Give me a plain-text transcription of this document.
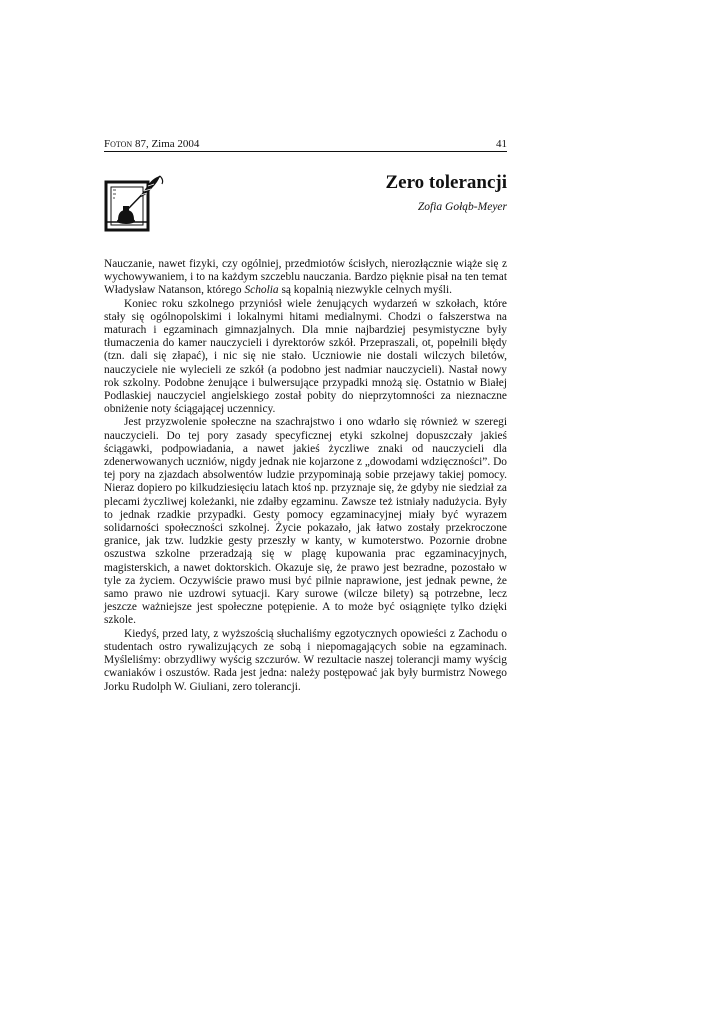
Foton 87, Zima 2004	41
Zero tolerancji
Zofia Gołąb-Meyer

Nauczanie, nawet fizyki, czy ogólniej, przedmiotów ścisłych, nierozłącznie wiąże się z wychowywaniem, i to na każdym szczeblu nauczania. Bardzo pięknie pisał na ten temat Władysław Natanson, którego Scholia są kopalnią niezwykle celnych myśli.

Koniec roku szkolnego przyniósł wiele żenujących wydarzeń w szkołach, które stały się ogólnopolskimi i lokalnymi hitami medialnymi. Chodzi o fałszerstwa na maturach i egzaminach gimnazjalnych. Dla mnie najbardziej pesymistyczne były tłumaczenia do kamer nauczycieli i dyrektorów szkół. Przepraszali, ot, popełnili błędy (tzn. dali się złapać), i nic się nie stało. Uczniowie nie dostali wilczych biletów, nauczyciele nie wylecieli ze szkół (a podobno jest nadmiar nauczycieli). Nastał nowy rok szkolny. Podobne żenujące i bulwersujące przypadki mnożą się. Ostatnio w Białej Podlaskiej nauczyciel angielskiego został pobity do nieprzytomności za nieznaczne obniżenie noty ściągającej uczennicy.

Jest przyzwolenie społeczne na szachrajstwo i ono wdarło się również w szeregi nauczycieli. Do tej pory zasady specyficznej etyki szkolnej dopuszczały jakieś ściągawki, podpowiadania, a nawet jakieś życzliwe znaki od nauczycieli dla zdenerwowanych uczniów, nigdy jednak nie kojarzone z „dowodami wdzięczności”. Do tej pory na zjazdach absolwentów ludzie przypominają sobie przejawy takiej pomocy. Nieraz dopiero po kilkudziesięciu latach ktoś np. przyznaje się, że gdyby nie siedział za plecami życzliwej koleżanki, nie zdałby egzaminu. Zawsze też istniały nadużycia. Były to jednak rzadkie przypadki. Gesty pomocy egzaminacyjnej miały być wyrazem solidarności społeczności szkolnej. Życie pokazało, jak łatwo zostały przekroczone granice, jak tzw. ludzkie gesty przeszły w kanty, w kumoterstwo. Pozornie drobne oszustwa szkolne przeradzają się w plagę kupowania prac egzaminacyjnych, magisterskich, a nawet doktorskich. Okazuje się, że prawo jest bezradne, pozostało w tyle za życiem. Oczywiście prawo musi być pilnie naprawione, jest jednak pewne, że samo prawo nie uzdrowi sytuacji. Kary surowe (wilcze bilety) są potrzebne, lecz jeszcze ważniejsze jest społeczne potępienie. A to może być osiągnięte tylko dzięki szkole.

Kiedyś, przed laty, z wyższością słuchaliśmy egzotycznych opowieści z Zachodu o studentach ostro rywalizujących ze sobą i niepomagających sobie na egzaminach. Myśleliśmy: obrzydliwy wyścig szczurów. W rezultacie naszej tolerancji mamy wyścig cwaniaków i oszustów. Rada jest jedna: należy postępować jak były burmistrz Nowego Jorku Rudolph W. Giuliani, zero tolerancji.
